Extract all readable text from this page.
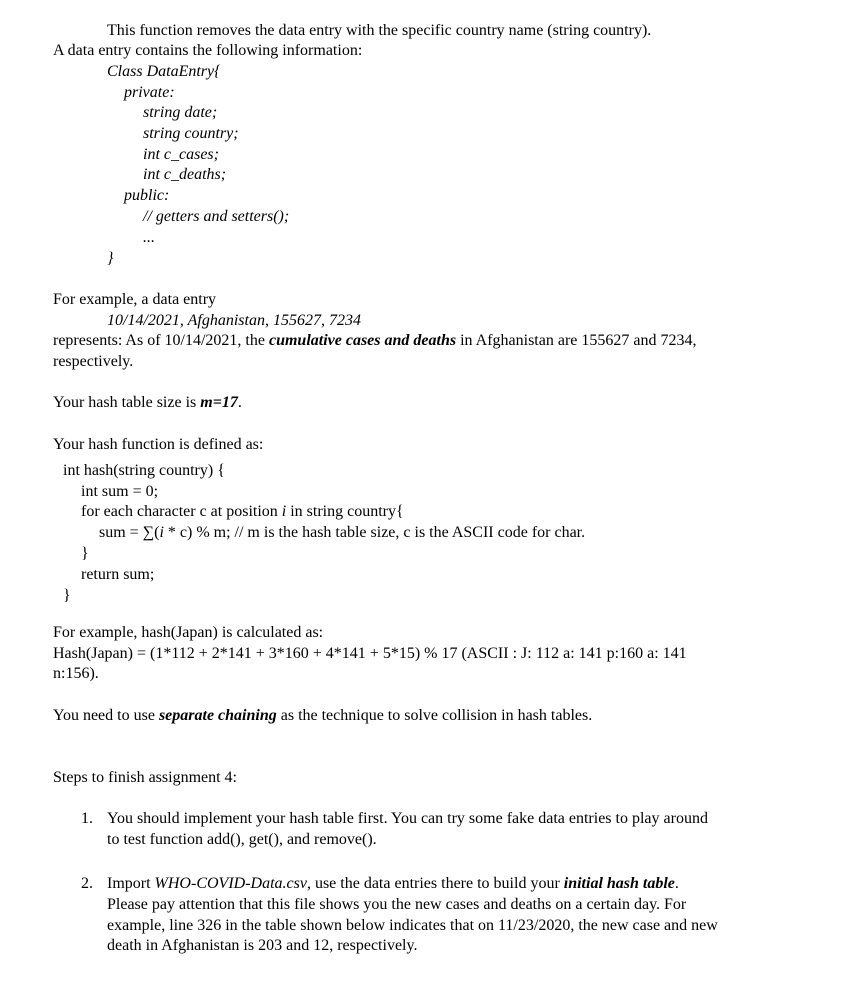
This function removes the data entry with the specific country name (string country).

A data entry contains the following information:

Class DataEntry{

private:

string date;

string country;

int c_cases;

int c_deaths;

public:

// getters and setters();

...

}

For example, a data entry

10/14/2021, Afghanistan, 155627, 7234

represents: As of 10/14/2021, the cumulative cases and deaths in Afghanistan are 155627 and 7234,

respectively.

Your hash table size is m=17.

Your hash function is defined as:

int hash(string country) {

int sum = 0;

for each character c at position i in string country{

sum = ∑(i * c) % m; // m is the hash table size, c is the ASCII code for char.

}

return sum;

}

For example, hash(Japan) is calculated as:

Hash(Japan) = (1*112 + 2*141 + 3*160 + 4*141 + 5*15) % 17 (ASCII : J: 112 a: 141 p:160 a: 141

n:156).

You need to use separate chaining as the technique to solve collision in hash tables.

Steps to finish assignment 4:

1. You should implement your hash table first. You can try some fake data entries to play around

to test function add(), get(), and remove().

2. Import WHO-COVID-Data.csv, use the data entries there to build your initial hash table.

Please pay attention that this file shows you the new cases and deaths on a certain day. For

example, line 326 in the table shown below indicates that on 11/23/2020, the new case and new

death in Afghanistan is 203 and 12, respectively.
